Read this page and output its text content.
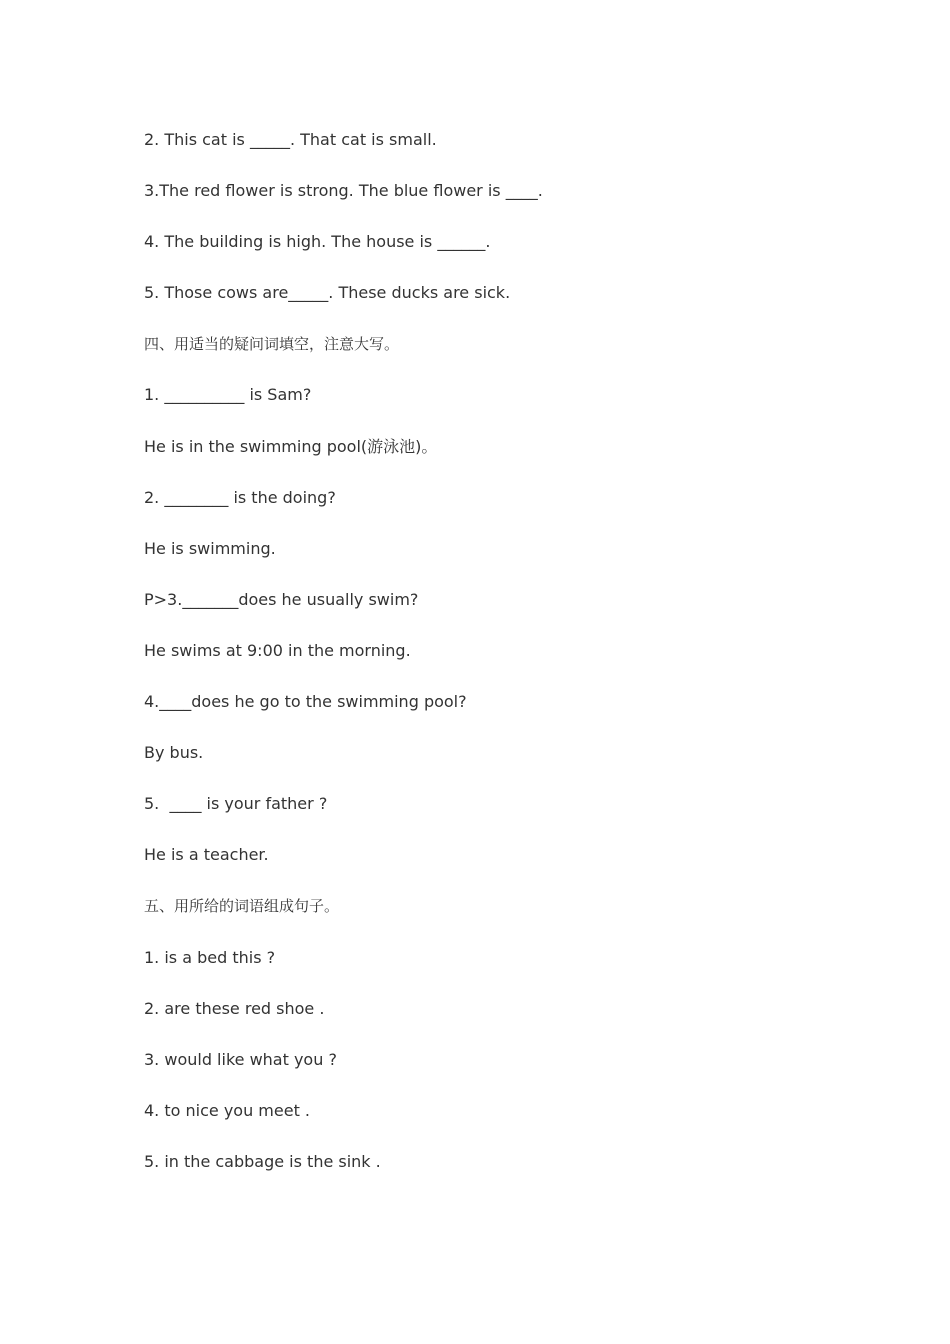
2. This cat is _____. That cat is small.
3.The red flower is strong. The blue flower is ____.
4. The building is high. The house is ______.
5. Those cows are_____. These ducks are sick.
四、用适当的疑问词填空，注意大写。
1. __________ is Sam?
He is in the swimming pool(游泳池)。
2. ________ is the doing?
He is swimming.
P>3._______does he usually swim?
He swims at 9:00 in the morning.
4.____does he go to the swimming pool?
By bus.
5.  ____ is your father ?
He is a teacher.
五、用所给的词语组成句子。
1. is a bed this ?
2. are these red shoe .
3. would like what you ?
4. to nice you meet .
5. in the cabbage is the sink .
